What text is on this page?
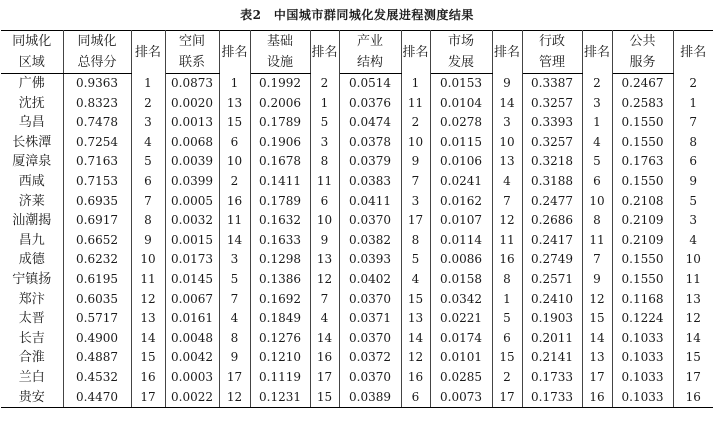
表2　中国城市群同城化发展进程测度结果
同城化	同城化	排名	空间	排名	基础	排名	产业	排名	市场	排名	行政	排名	公共	排名
区域	总得分		联系		设施		结构		发展		管理		服务	
广佛	0.9363	1	0.0873	1	0.1992	2	0.0514	1	0.0153	9	0.3387	2	0.2467	2
沈抚	0.8323	2	0.0020	13	0.2006	1	0.0376	11	0.0104	14	0.3257	3	0.2583	1
乌昌	0.7478	3	0.0013	15	0.1789	5	0.0474	2	0.0278	3	0.3393	1	0.1550	7
长株潭	0.7254	4	0.0068	6	0.1906	3	0.0378	10	0.0115	10	0.3257	4	0.1550	8
厦漳泉	0.7163	5	0.0039	10	0.1678	8	0.0379	9	0.0106	13	0.3218	5	0.1763	6
西咸	0.7153	6	0.0399	2	0.1411	11	0.0383	7	0.0241	4	0.3188	6	0.1550	9
济莱	0.6935	7	0.0005	16	0.1789	6	0.0411	3	0.0162	7	0.2477	10	0.2108	5
汕潮揭	0.6917	8	0.0032	11	0.1632	10	0.0370	17	0.0107	12	0.2686	8	0.2109	3
昌九	0.6652	9	0.0015	14	0.1633	9	0.0382	8	0.0114	11	0.2417	11	0.2109	4
成德	0.6232	10	0.0173	3	0.1298	13	0.0393	5	0.0086	16	0.2749	7	0.1550	10
宁镇扬	0.6195	11	0.0145	5	0.1386	12	0.0402	4	0.0158	8	0.2571	9	0.1550	11
郑汴	0.6035	12	0.0067	7	0.1692	7	0.0370	15	0.0342	1	0.2410	12	0.1168	13
太晋	0.5717	13	0.0161	4	0.1849	4	0.0371	13	0.0221	5	0.1903	15	0.1224	12
长吉	0.4900	14	0.0048	8	0.1276	14	0.0370	14	0.0174	6	0.2011	14	0.1033	14
合淮	0.4887	15	0.0042	9	0.1210	16	0.0372	12	0.0101	15	0.2141	13	0.1033	15
兰白	0.4532	16	0.0003	17	0.1119	17	0.0370	16	0.0285	2	0.1733	17	0.1033	17
贵安	0.4470	17	0.0022	12	0.1231	15	0.0389	6	0.0073	17	0.1733	16	0.1033	16
